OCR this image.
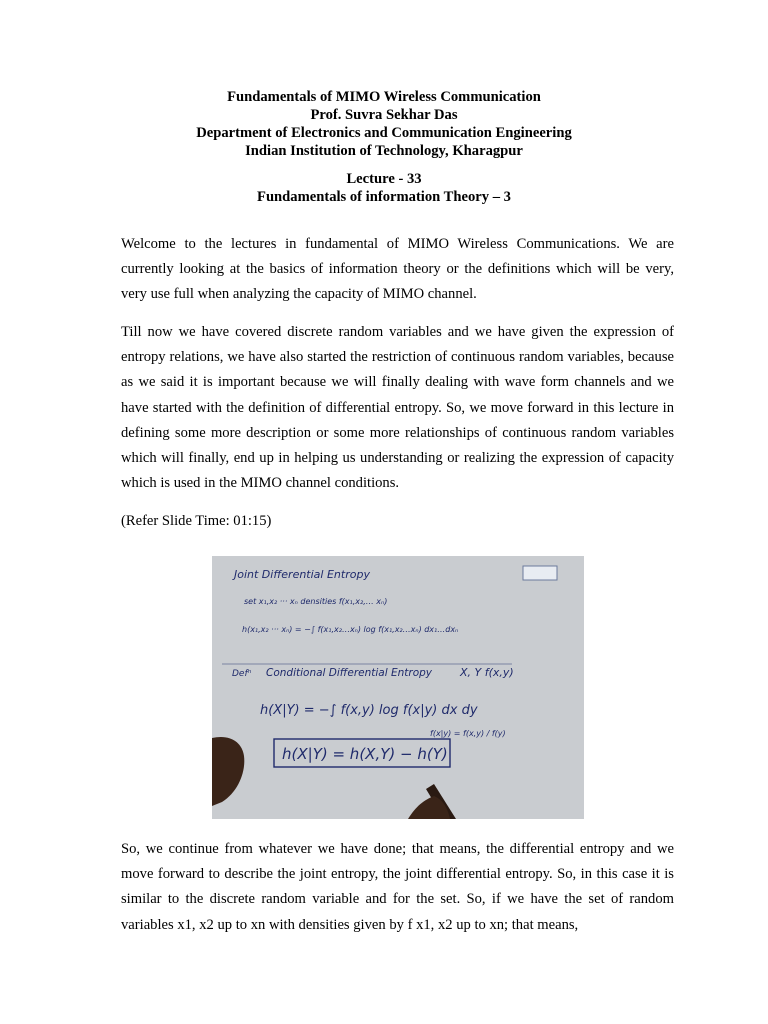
Fundamentals of MIMO Wireless Communication
Prof. Suvra Sekhar Das
Department of Electronics and Communication Engineering
Indian Institution of Technology, Kharagpur
Lecture - 33
Fundamentals of information Theory – 3

Welcome to the lectures in fundamental of MIMO Wireless Communications. We are currently looking at the basics of information theory or the definitions which will be very, very use full when analyzing the capacity of MIMO channel.

Till now we have covered discrete random variables and we have given the expression of entropy relations, we have also started the restriction of continuous random variables, because as we said it is important because we will finally dealing with wave form channels and we have started with the definition of differential entropy. So, we move forward in this lecture in defining some more description or some more relationships of continuous random variables which will finally, end up in helping us understanding or realizing the expression of capacity which is used in the MIMO channel conditions.

(Refer Slide Time: 01:15)

Joint Differential Entropy
set x₁,x₂ ··· xₙ densities f(x₁,x₂,… xₙ)
h(x₁,x₂ ··· xₙ) = −∫ f(x₁,x₂…xₙ) log f(x₁,x₂…xₙ) dx₁…dxₙ
Defⁿ Conditional Differential Entropy	X, Y f(x,y)
h(X|Y) = −∫ f(x,y) log f(x|y) dx dy
f(x|y) = f(x,y) / f(y)
h(X|Y) = h(X,Y) − h(Y)

So, we continue from whatever we have done; that means, the differential entropy and we move forward to describe the joint entropy, the joint differential entropy. So, in this case it is similar to the discrete random variable and for the set. So, if we have the set of random variables x1, x2 up to xn with densities given by f x1, x2 up to xn; that means,
